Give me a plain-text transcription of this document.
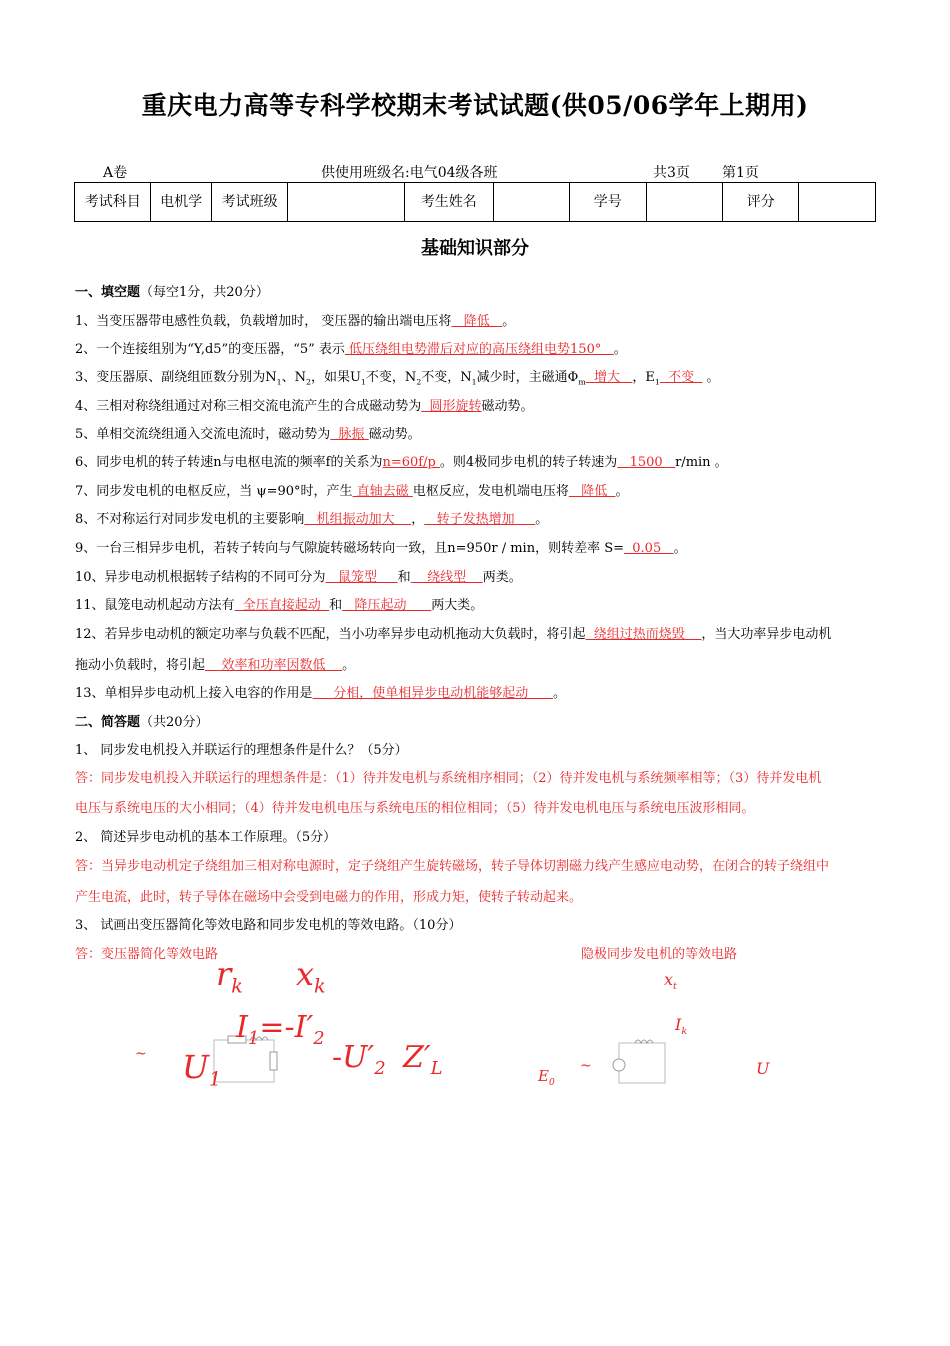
重庆电力高等专科学校期末考试试题(供05/06学年上期用)
A卷	供使用班级名:电气04级各班	共3页 第1页
考试科目	电机学	考试班级		考生姓名		学号		评分	
基础知识部分
一、填空题（每空1分，共20分）
1、当变压器带电感性负载，负载增加时， 变压器的输出端电压将   降低   。
2、一个连接组别为“Y,d5”的变压器，“5” 表示 低压绕组电势滞后对应的高压绕组电势150°   。
3、变压器原、副绕组匝数分别为$N_1$、$N_2$，如果$U_1$不变，$N_2$不变，$N_1$减少时，主磁通$\Phi_m$  增大   ，$E_1$  不变   。
4、三相对称绕组通过对称三相交流电流产生的合成磁动势为  圆形旋转磁动势。
5、单相交流绕组通入交流电流时，磁动势为  脉振 磁动势。
6、同步电机的转子转速n与电枢电流的频率f的关系为n=60f/p 。则4极同步电机的转子转速为   1500   r/min 。
7、同步发电机的电枢反应，当 ψ=90°时，产生 直轴去磁 电枢反应，发电机端电压将   降低  。
8、不对称运行对同步发电机的主要影响   机组振动加大    ，   转子发热增加     。
9、一台三相异步电机，若转子转向与气隙旋转磁场转向一致，且n=950r / min，则转差率 S=  0.05   。
10、异步电动机根据转子结构的不同可分为   鼠笼型     和    绕线型    两类。
11、鼠笼电动机起动方法有  全压直接起动  和   降压起动      两大类。
12、若异步电动机的额定功率与负载不匹配，当小功率异步电动机拖动大负载时，将引起  绕组过热而烧毁    ，当大功率异步电动机
拖动小负载时，将引起    效率和功率因数低    。
13、单相异步电动机上接入电容的作用是     分相，使单相异步电动机能够起动      。
二、简答题（共20分）
1、 同步发电机投入并联运行的理想条件是什么？（5分）
答：同步发电机投入并联运行的理想条件是：（1）待并发电机与系统相序相同；（2）待并发电机与系统频率相等；（3）待并发电机
电压与系统电压的大小相同；（4）待并发电机电压与系统电压的相位相同；（5）待并发电机电压与系统电压波形相同。
2、 简述异步电动机的基本工作原理。（5分）
答：当异步电动机定子绕组加三相对称电源时，定子绕组产生旋转磁场，转子导体切割磁力线产生感应电动势，在闭合的转子绕组中
产生电流，此时，转子导体在磁场中会受到电磁力的作用，形成力矩，使转子转动起来。
3、 试画出变压器简化等效电路和同步发电机的等效电路。（10分）
答：变压器简化等效电路	隐极同步发电机的等效电路
$r_k$ $x_k$
$I_1=-I'_2$
~ $U_1$
$-U'_2$ $Z'_L$
$x_t$
$I_k$
$E_0$
~	U
